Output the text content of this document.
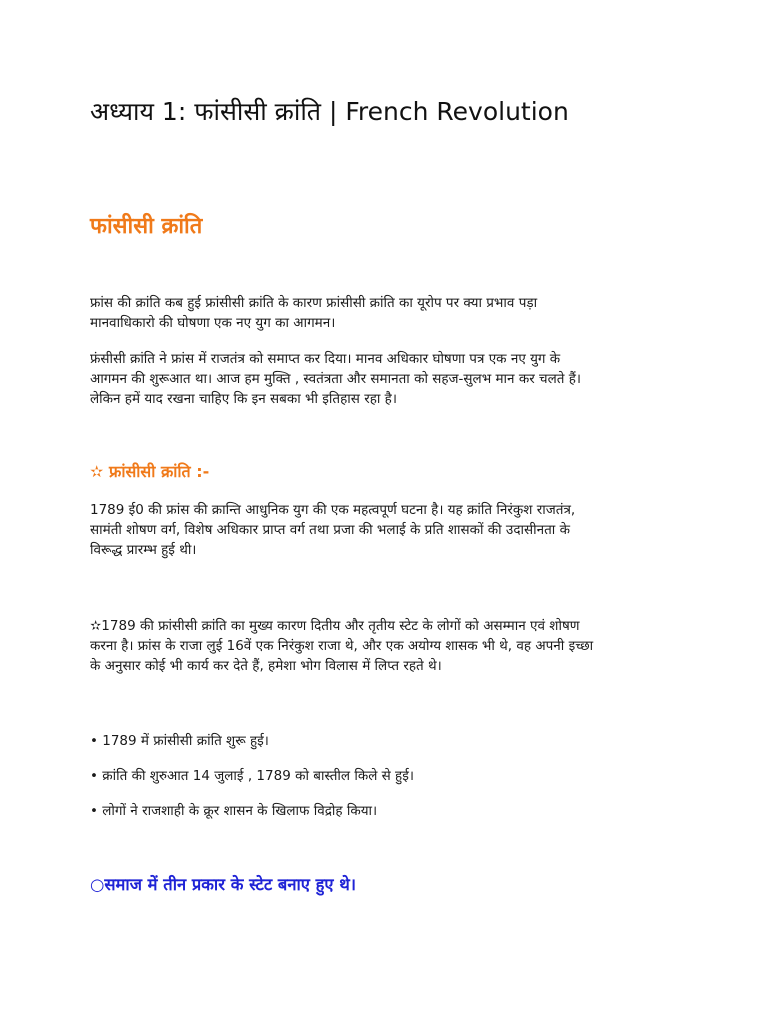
अध्याय 1: फांसीसी क्रांति | French Revolution
फांसीसी क्रांति

फ्रांस की क्रांति कब हुई फ्रांसीसी क्रांति के कारण फ्रांसीसी क्रांति का यूरोप पर क्या प्रभाव पड़ा
मानवाधिकारो की घोषणा एक नए युग का आगमन।

फ्रंसीसी क्रांति ने फ्रांस में राजतंत्र को समाप्त कर दिया। मानव अधिकार घोषणा पत्र एक नए युग के
आगमन की शुरूआत था। आज हम मुक्ति , स्वतंत्रता और समानता को सहज-सुलभ मान कर चलते हैं।
लेकिन हमें याद रखना चाहिए कि इन सबका भी इतिहास रहा है।

✫ फ्रांसीसी क्रांति :-

1789 ई0 की फ्रांस की क्रान्ति आधुनिक युग की एक महत्वपूर्ण घटना है। यह क्रांति निरंकुश राजतंत्र,
सामंती शोषण वर्ग, विशेष अधिकार प्राप्त वर्ग तथा प्रजा की भलाई के प्रति शासकों की उदासीनता के
विरूद्ध प्रारम्भ हुई थी।

✫1789 की फ्रांसीसी क्रांति का मुख्य कारण दितीय और तृतीय स्टेट के लोगों को असम्मान एवं शोषण
करना है। फ्रांस के राजा लुई 16वें एक निरंकुश राजा थे, और एक अयोग्य शासक भी थे, वह अपनी इच्छा
के अनुसार कोई भी कार्य कर देते हैं, हमेशा भोग विलास में लिप्त रहते थे।

• 1789 में फ्रांसीसी क्रांति शुरू हुई।

• क्रांति की शुरुआत 14 जुलाई , 1789 को बास्तील किले से हुई।

• लोगों ने राजशाही के क्रूर शासन के खिलाफ विद्रोह किया।

○समाज में तीन प्रकार के स्टेट बनाए हुए थे।
